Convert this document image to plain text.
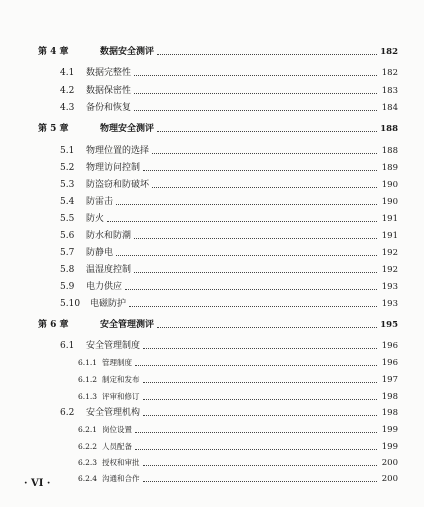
第 4 章	数据安全测评	182
4.1	数据完整性	182
4.2	数据保密性	183
4.3	备份和恢复	184
第 5 章	物理安全测评	188
5.1	物理位置的选择	188
5.2	物理访问控制	189
5.3	防盗窃和防破坏	190
5.4	防雷击	190
5.5	防火	191
5.6	防水和防潮	191
5.7	防静电	192
5.8	温湿度控制	192
5.9	电力供应	193
5.10	电磁防护	193
第 6 章	安全管理测评	195
6.1	安全管理制度	196
6.1.1 管理制度	196
6.1.2 制定和发布	197
6.1.3 评审和修订	198
6.2	安全管理机构	198
6.2.1 岗位设置	199
6.2.2 人员配备	199
6.2.3 授权和审批	200
6.2.4 沟通和合作	200
· VI ·
